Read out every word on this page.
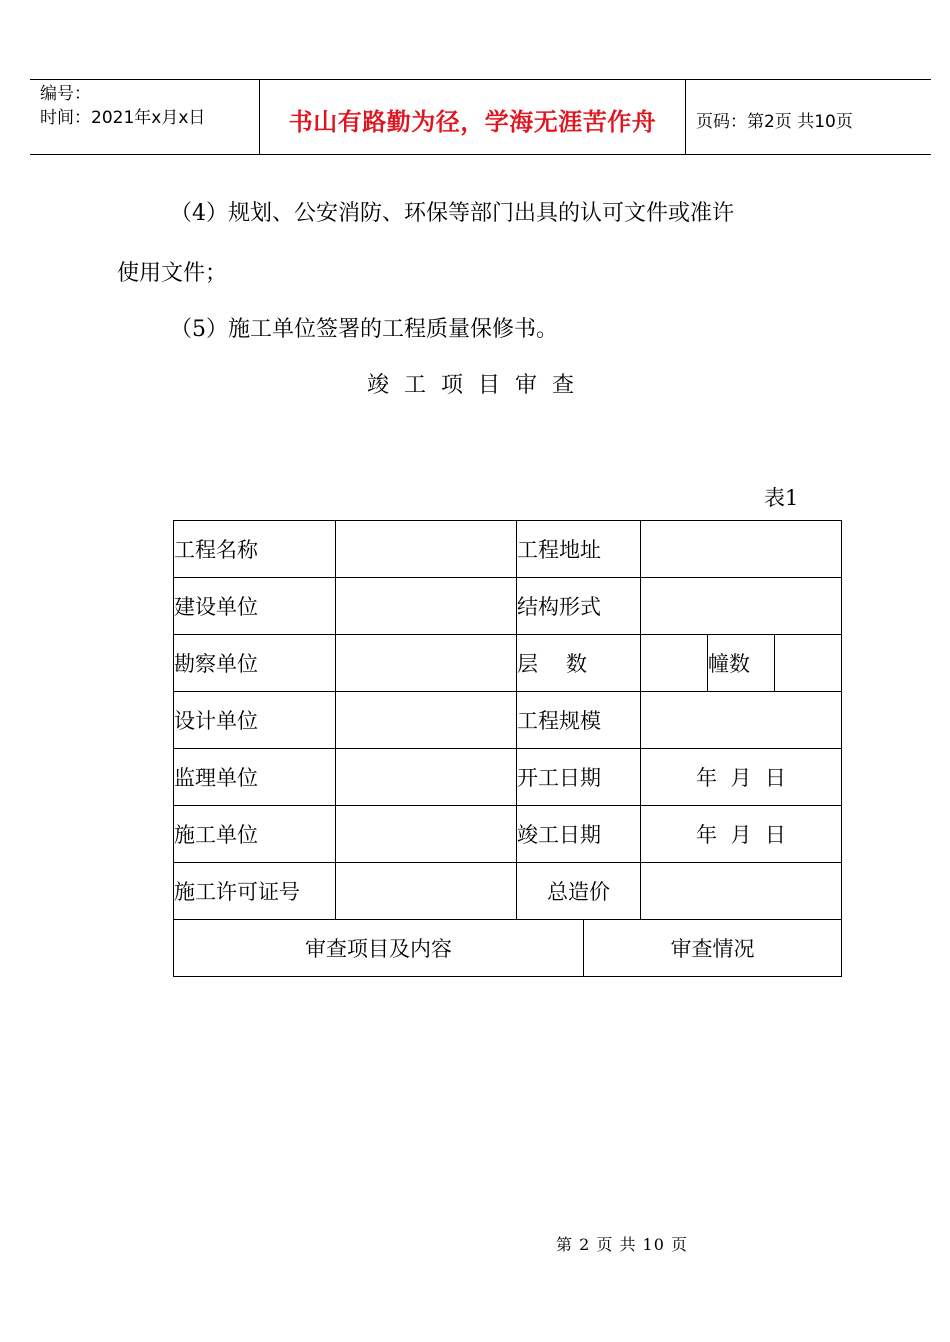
编号：
时间：2021年x月x日	书山有路勤为径，学海无涯苦作舟	页码：第2页 共10页
（4）规划、公安消防、环保等部门出具的认可文件或准许
使用文件；
（5）施工单位签署的工程质量保修书。
竣工项目审查
表1
工程名称		工程地址				
建设单位		结构形式				
勘察单位		层 数			幢数	
设计单位		工程规模				
监理单位		开工日期		年  月  日		
施工单位		竣工日期		年  月  日		
施工许可证号		总造价				
审查项目及内容			审查情况			
第 2 页 共 10 页
